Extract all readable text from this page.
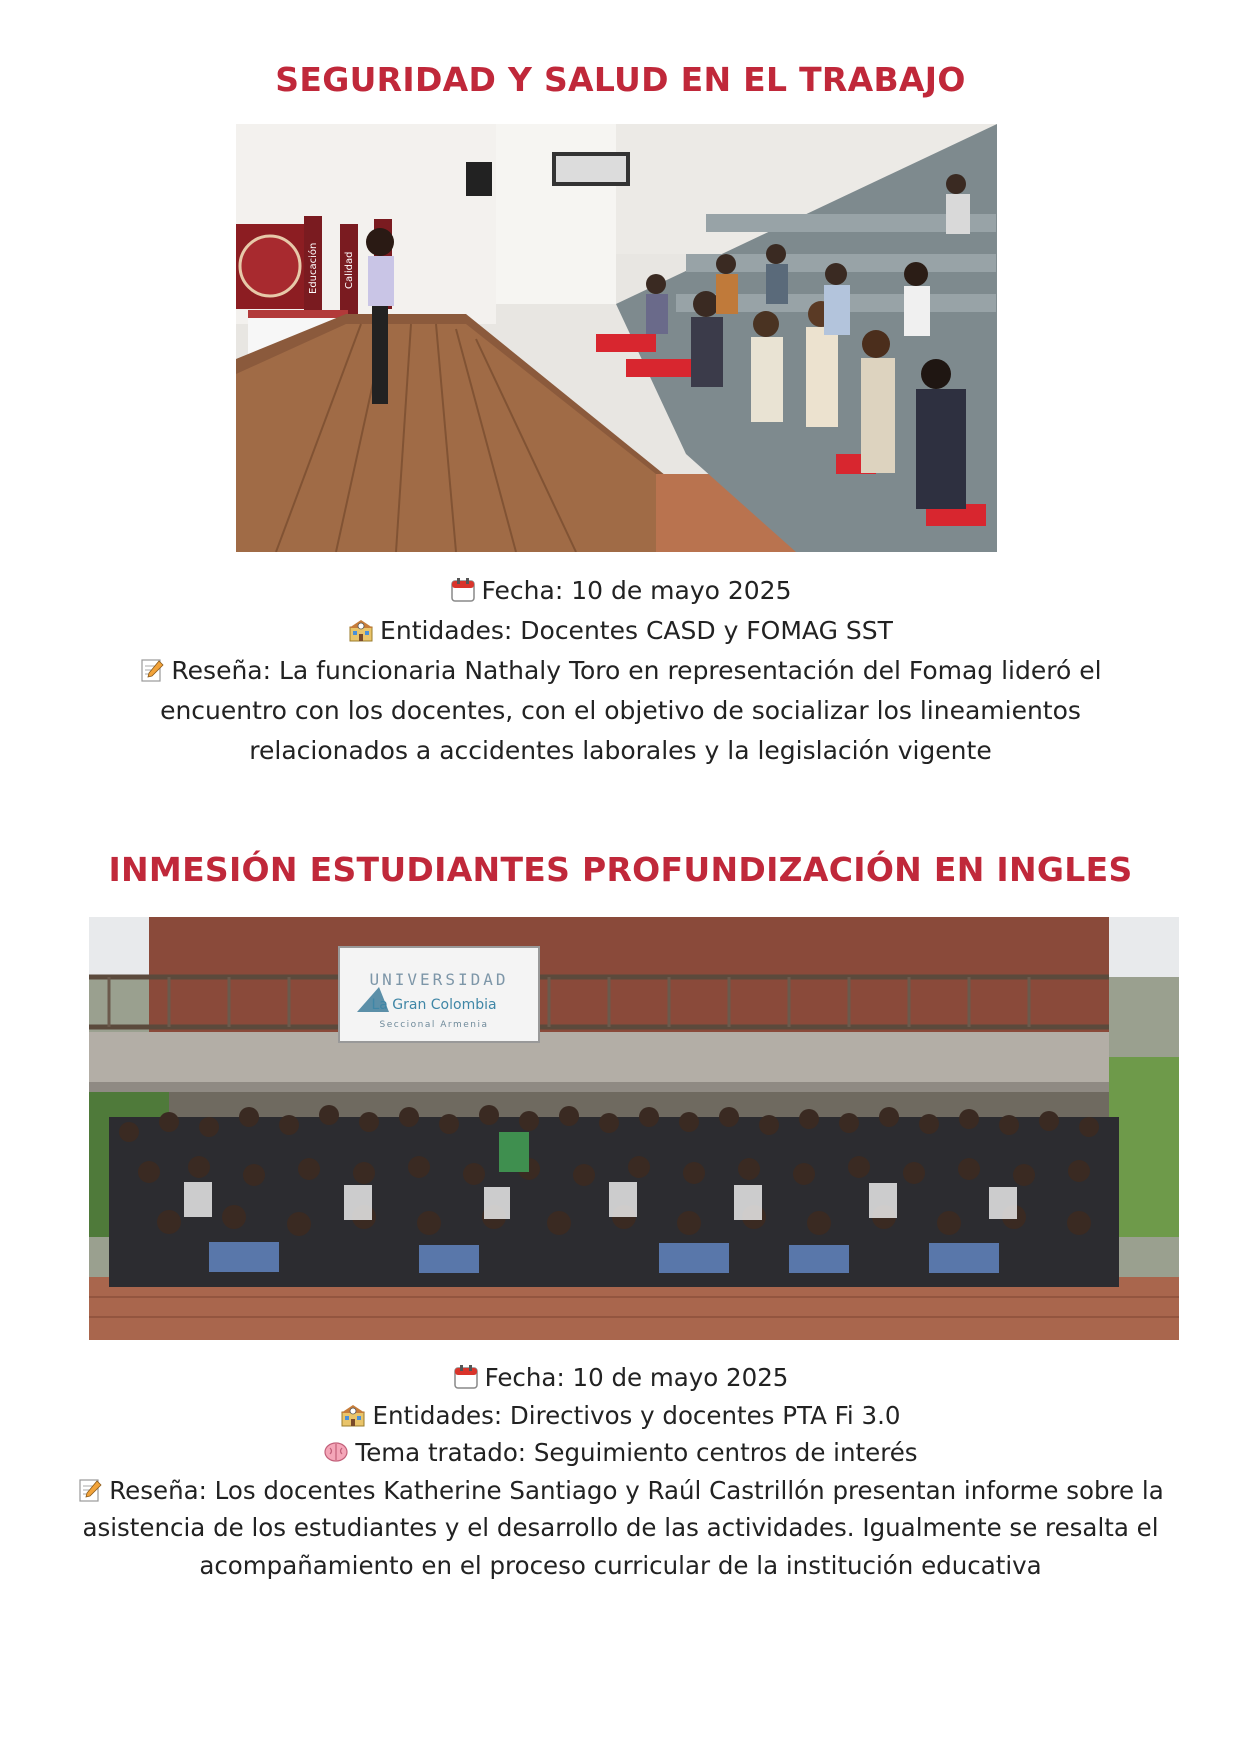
SEGURIDAD Y SALUD EN EL TRABAJO
Educación	Calidad
Fecha: 10 de mayo 2025
Entidades: Docentes CASD y FOMAG SST
Reseña: La funcionaria Nathaly Toro en representación del Fomag lideró el
encuentro con los docentes, con el objetivo de socializar los lineamientos
relacionados a accidentes laborales y la legislación vigente
INMESIÓN ESTUDIANTES PROFUNDIZACIÓN EN INGLES
UNIVERSIDAD
La Gran Colombia
Seccional Armenia
Fecha: 10 de mayo 2025
Entidades: Directivos y docentes PTA Fi 3.0
Tema tratado: Seguimiento centros de interés
Reseña: Los docentes Katherine Santiago y Raúl Castrillón presentan informe sobre la
asistencia de los estudiantes y el desarrollo de las actividades. Igualmente se resalta el
acompañamiento en el proceso curricular de la institución educativa
